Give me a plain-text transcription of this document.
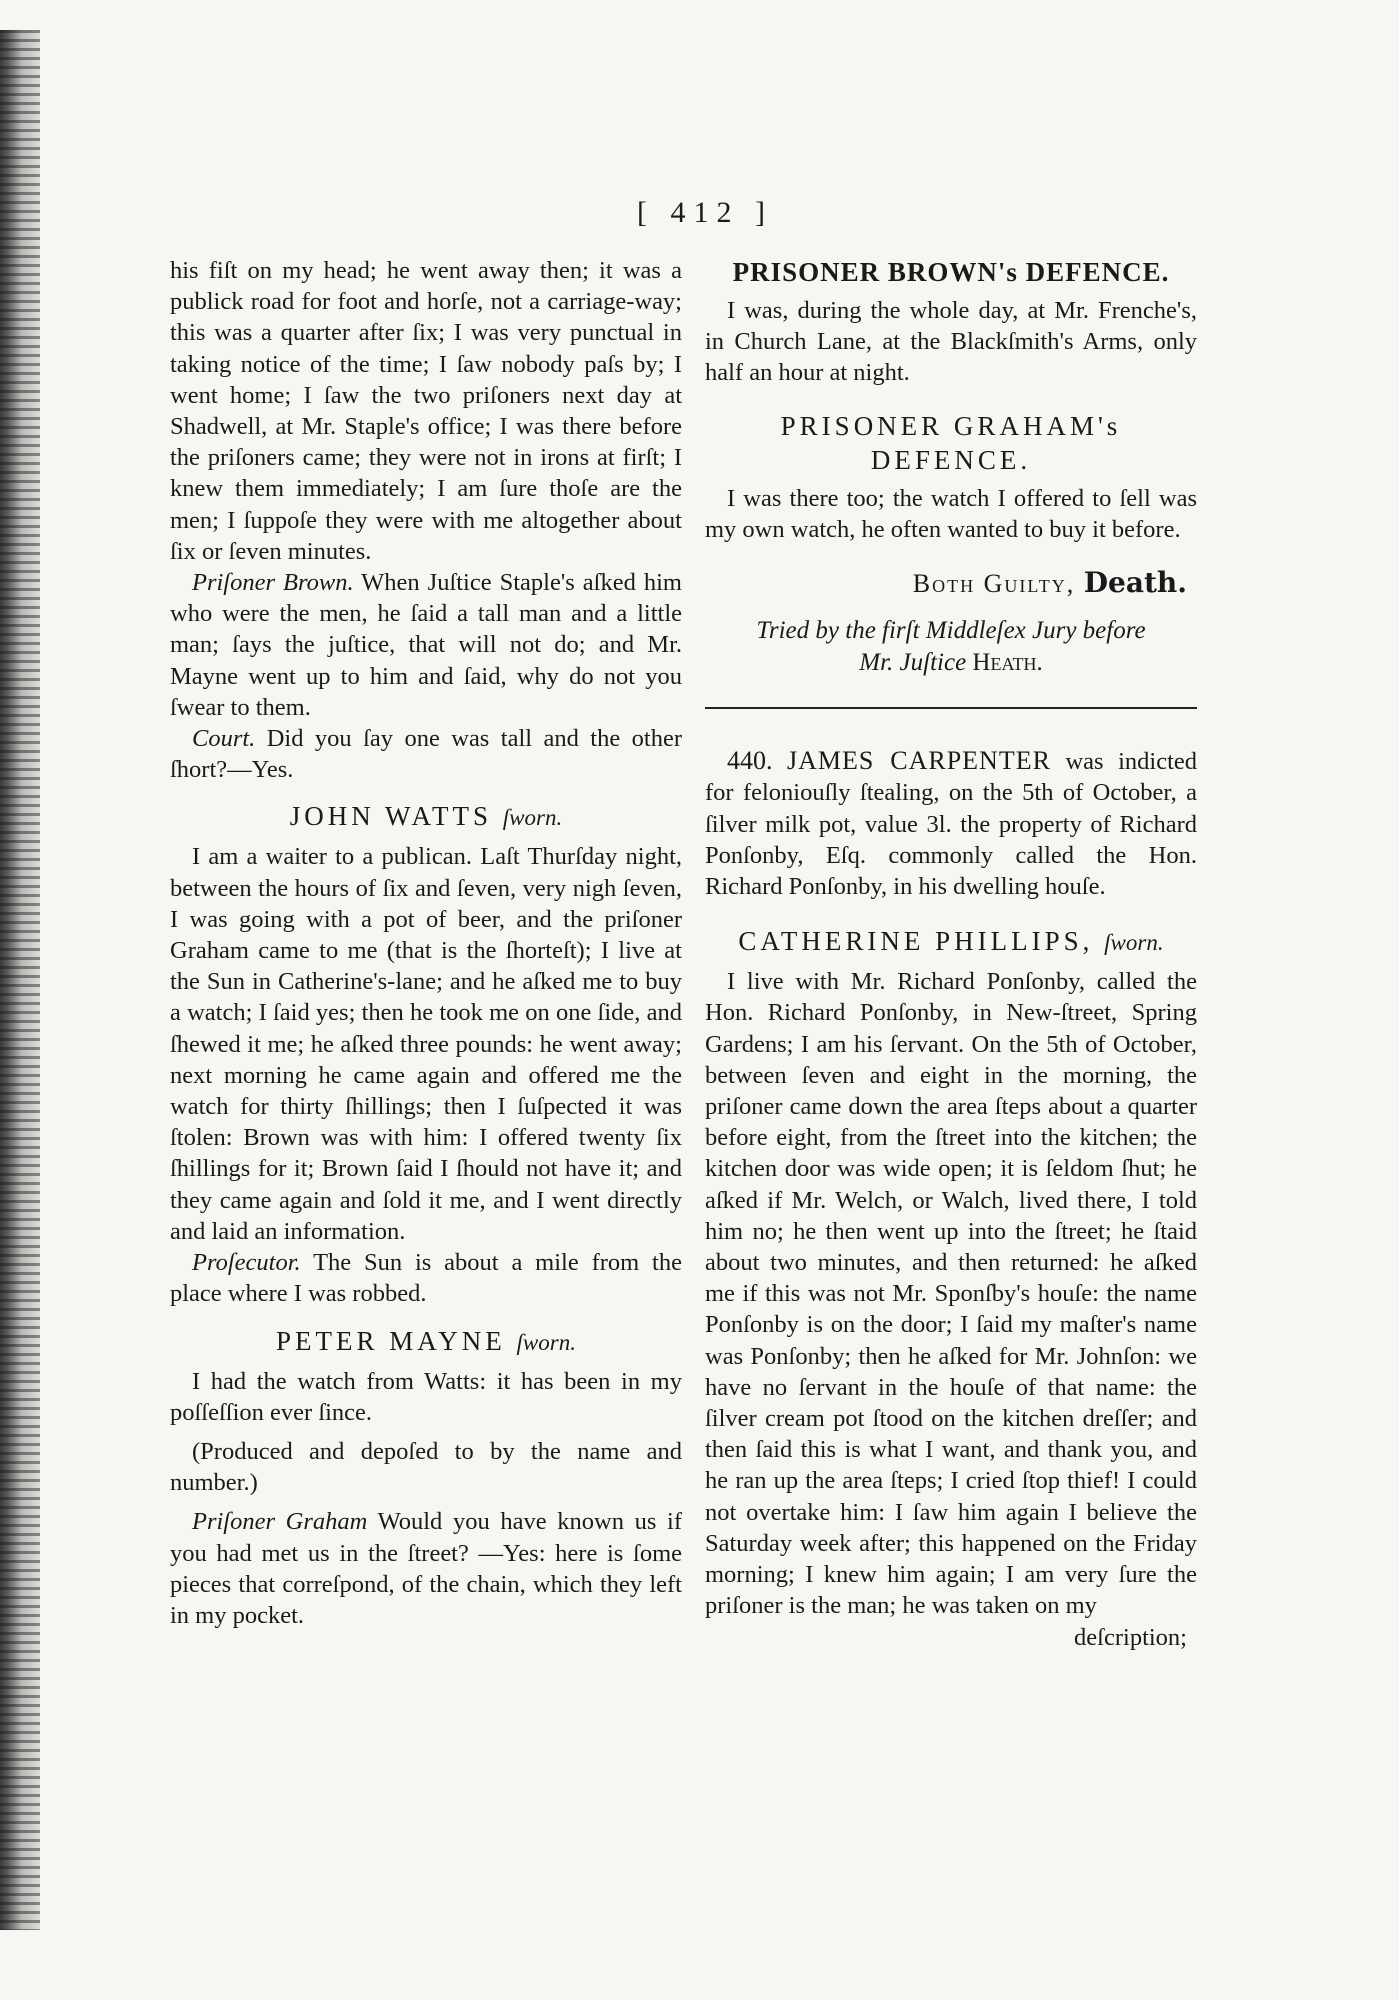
[ 412 ]

his fiſt on my head; he went away then; it was a publick road for foot and horſe, not a carriage-way; this was a quarter after ſix; I was very punctual in taking notice of the time; I ſaw nobody paſs by; I went home; I ſaw the two priſoners next day at Shadwell, at Mr. Staple's office; I was there before the priſoners came; they were not in irons at firſt; I knew them immediately; I am ſure thoſe are the men; I ſuppoſe they were with me altogether about ſix or ſeven minutes.

Priſoner Brown. When Juſtice Staple's aſked him who were the men, he ſaid a tall man and a little man; ſays the juſtice, that will not do; and Mr. Mayne went up to him and ſaid, why do not you ſwear to them.

Court. Did you ſay one was tall and the other ſhort?—Yes.

JOHN WATTS ſworn.

I am a waiter to a publican. Laſt Thurſday night, between the hours of ſix and ſeven, very nigh ſeven, I was going with a pot of beer, and the priſoner Graham came to me (that is the ſhorteſt); I live at the Sun in Catherine's-lane; and he aſked me to buy a watch; I ſaid yes; then he took me on one ſide, and ſhewed it me; he aſked three pounds: he went away; next morning he came again and offered me the watch for thirty ſhillings; then I ſuſpected it was ſtolen: Brown was with him: I offered twenty ſix ſhillings for it; Brown ſaid I ſhould not have it; and they came again and ſold it me, and I went directly and laid an information.

Proſecutor. The Sun is about a mile from the place where I was robbed.

PETER MAYNE ſworn.

I had the watch from Watts: it has been in my poſſeſſion ever ſince.

(Produced and depoſed to by the name and number.)

Priſoner Graham Would you have known us if you had met us in the ſtreet? —Yes: here is ſome pieces that correſpond, of the chain, which they left in my pocket.

PRISONER BROWN's DEFENCE.

I was, during the whole day, at Mr. Frenche's, in Church Lane, at the Blackſmith's Arms, only half an hour at night.

PRISONER GRAHAM's
DEFENCE.

I was there too; the watch I offered to ſell was my own watch, he often wanted to buy it before.

Both Guilty, Death.
Tried by the firſt Middleſex Jury before
Mr. Juſtice Heath.

440. JAMES CARPENTER was indicted for feloniouſly ſtealing, on the 5th of October, a ſilver milk pot, value 3l. the property of Richard Ponſonby, Eſq. commonly called the Hon. Richard Ponſonby, in his dwelling houſe.

CATHERINE PHILLIPS, ſworn.

I live with Mr. Richard Ponſonby, called the Hon. Richard Ponſonby, in New-ſtreet, Spring Gardens; I am his ſervant. On the 5th of October, between ſeven and eight in the morning, the priſoner came down the area ſteps about a quarter before eight, from the ſtreet into the kitchen; the kitchen door was wide open; it is ſeldom ſhut; he aſked if Mr. Welch, or Walch, lived there, I told him no; he then went up into the ſtreet; he ſtaid about two minutes, and then returned: he aſked me if this was not Mr. Sponſby's houſe: the name Ponſonby is on the door; I ſaid my maſter's name was Ponſonby; then he aſked for Mr. Johnſon: we have no ſervant in the houſe of that name: the ſilver cream pot ſtood on the kitchen dreſſer; and then ſaid this is what I want, and thank you, and he ran up the area ſteps; I cried ſtop thief! I could not overtake him: I ſaw him again I believe the Saturday week after; this happened on the Friday morning; I knew him again; I am very ſure the priſoner is the man; he was taken on my

deſcription;
